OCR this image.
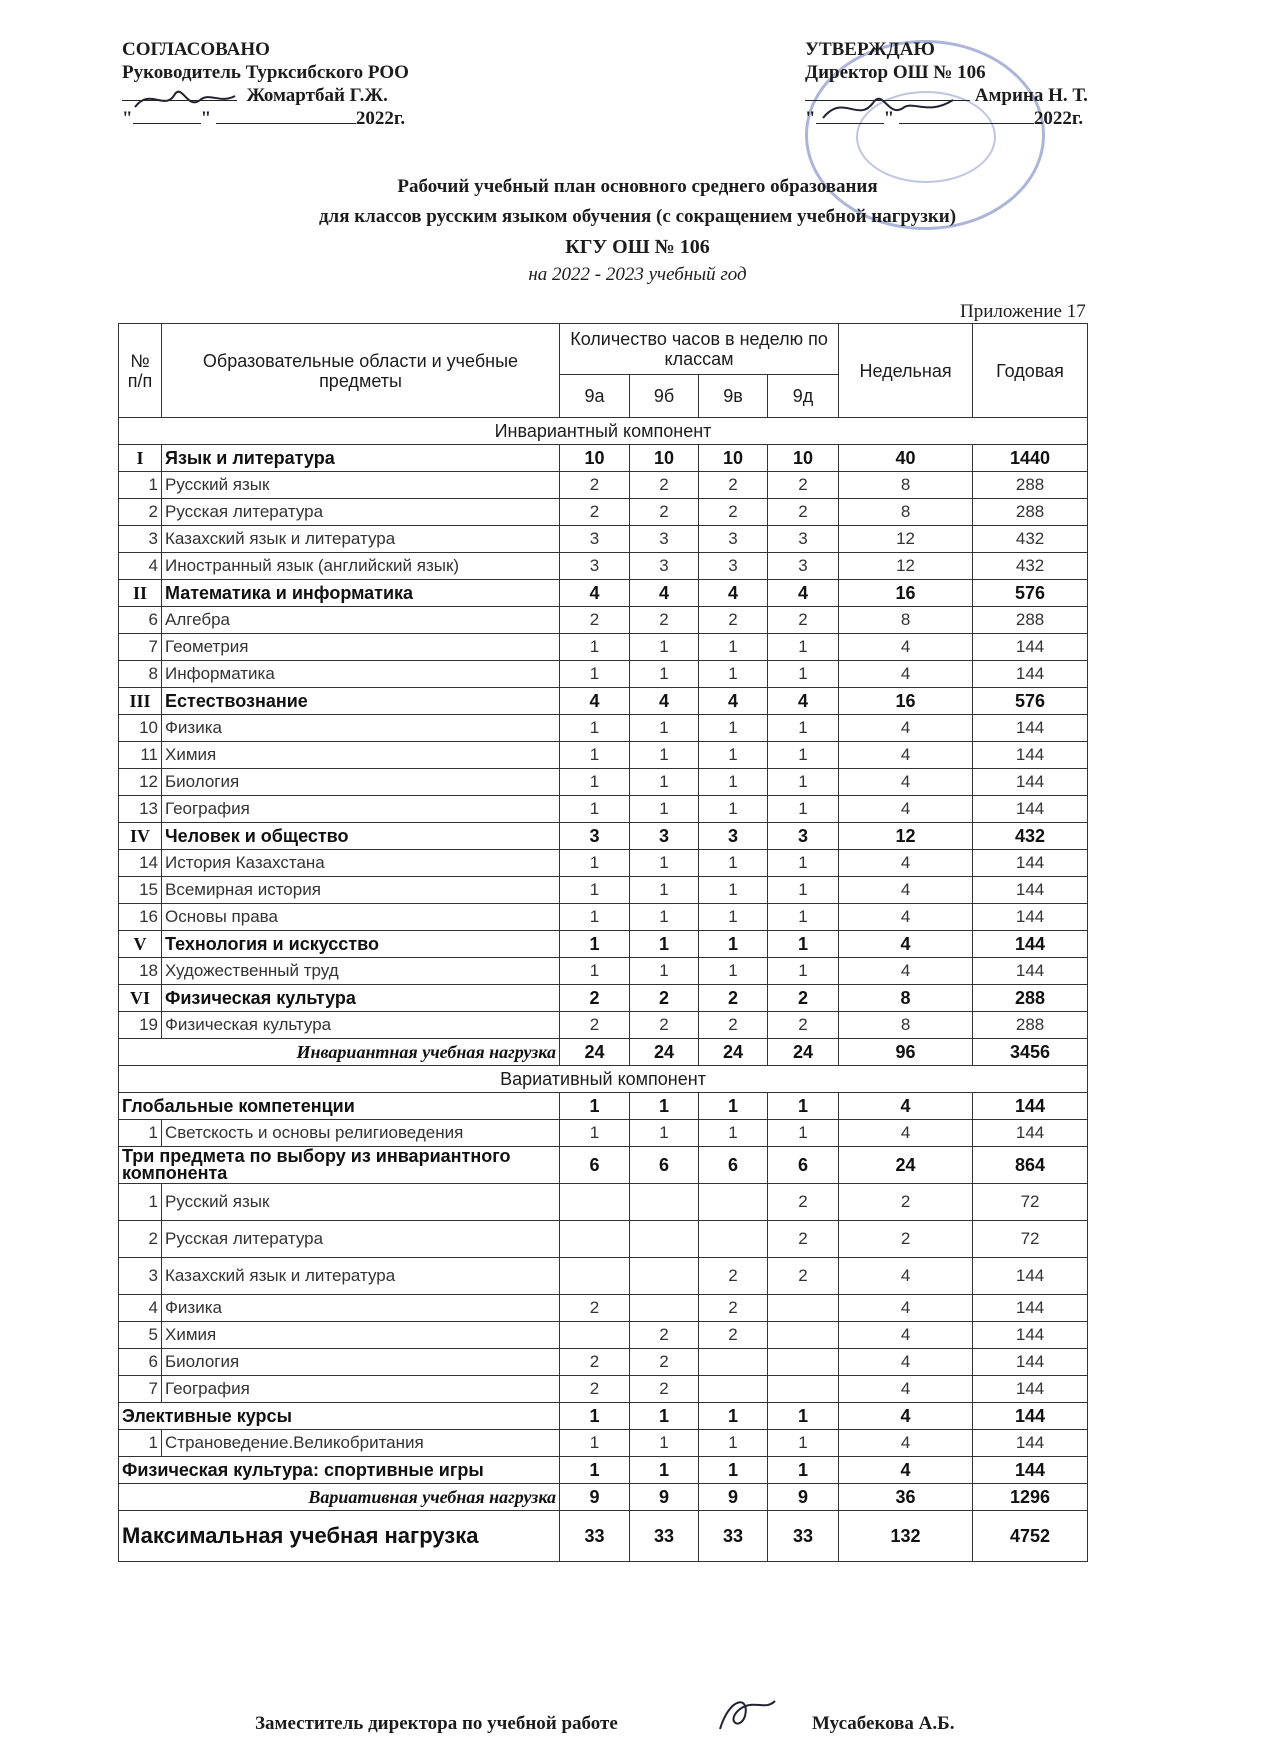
СОГЛАСОВАНО
Руководитель Турксибского РОО
Жомартбай Г.Ж.
"	"	2022г.
УТВЕРЖДАЮ
Директор ОШ № 106
Амрина Н. Т.
"	"	2022г.
Рабочий учебный план основного среднего образования
для классов русским языком обучения (с сокращением учебной нагрузки)
КГУ ОШ № 106
на 2022 - 2023 учебный год
Приложение 17
№ п/п	Образовательные области и учебные предметы	Количество часов в неделю по классам				Недельная	Годовая
		9а	9б	9в	9д		
Инвариантный компонент							
I	Язык и литература	10	10	10	10	40	1440
1	Русский язык	2	2	2	2	8	288
2	Русская литература	2	2	2	2	8	288
3	Казахский язык и литература	3	3	3	3	12	432
4	Иностранный язык (английский язык)	3	3	3	3	12	432
II	Математика и информатика	4	4	4	4	16	576
6	Алгебра	2	2	2	2	8	288
7	Геометрия	1	1	1	1	4	144
8	Информатика	1	1	1	1	4	144
III	Естествознание	4	4	4	4	16	576
10	Физика	1	1	1	1	4	144
11	Химия	1	1	1	1	4	144
12	Биология	1	1	1	1	4	144
13	География	1	1	1	1	4	144
IV	Человек и общество	3	3	3	3	12	432
14	История Казахстана	1	1	1	1	4	144
15	Всемирная история	1	1	1	1	4	144
16	Основы права	1	1	1	1	4	144
V	Технология и искусство	1	1	1	1	4	144
18	Художественный труд	1	1	1	1	4	144
VI	Физическая культура	2	2	2	2	8	288
19	Физическая культура	2	2	2	2	8	288
Инвариантная учебная нагрузка		24	24	24	24	96	3456
Вариативный компонент							
Глобальные компетенции		1	1	1	1	4	144
1	Светскость и основы религиоведения	1	1	1	1	4	144
Три предмета по выбору из инвариантного компонента		6	6	6	6	24	864
1	Русский язык				2	2	72
2	Русская литература				2	2	72
3	Казахский язык и литература			2	2	4	144
4	Физика	2		2		4	144
5	Химия		2	2		4	144
6	Биология	2	2			4	144
7	География	2	2			4	144
Элективные курсы		1	1	1	1	4	144
1	Страноведение.Великобритания	1	1	1	1	4	144
Физическая культура: спортивные игры		1	1	1	1	4	144
Вариативная учебная нагрузка		9	9	9	9	36	1296
Максимальная учебная нагрузка		33	33	33	33	132	4752
Заместитель директора по учебной работе	Мусабекова А.Б.
